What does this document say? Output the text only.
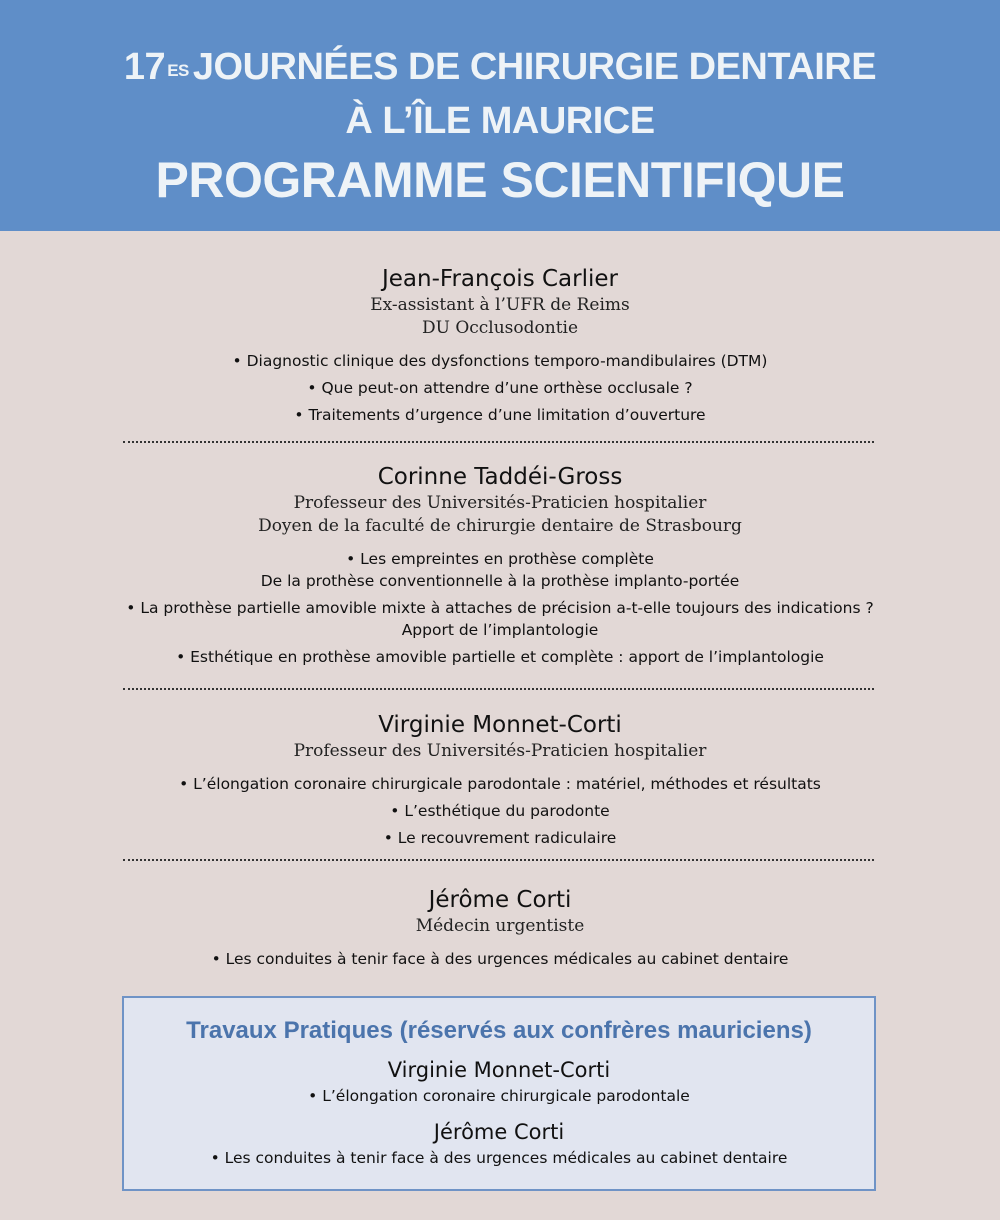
17 $^{ES}$ JOURNÉES DE CHIRURGIE DENTAIRE
À L’ÎLE MAURICE
PROGRAMME SCIENTIFIQUE
Jean-François Carlier
Ex-assistant à l’UFR de Reims
DU Occlusodontie
• Diagnostic clinique des dysfonctions temporo-mandibulaires (DTM)
• Que peut-on attendre d’une orthèse occlusale ?
• Traitements d’urgence d’une limitation d’ouverture
Corinne Taddéi-Gross
Professeur des Universités-Praticien hospitalier
Doyen de la faculté de chirurgie dentaire de Strasbourg
• Les empreintes en prothèse complète
De la prothèse conventionnelle à la prothèse implanto-portée
• La prothèse partielle amovible mixte à attaches de précision a-t-elle toujours des indications ?
Apport de l’implantologie
• Esthétique en prothèse amovible partielle et complète : apport de l’implantologie
Virginie Monnet-Corti
Professeur des Universités-Praticien hospitalier
• L’élongation coronaire chirurgicale parodontale : matériel, méthodes et résultats
• L’esthétique du parodonte
• Le recouvrement radiculaire
Jérôme Corti
Médecin urgentiste
• Les conduites à tenir face à des urgences médicales au cabinet dentaire
Travaux Pratiques (réservés aux confrères mauriciens)
Virginie Monnet-Corti
• L’élongation coronaire chirurgicale parodontale
Jérôme Corti
• Les conduites à tenir face à des urgences médicales au cabinet dentaire
